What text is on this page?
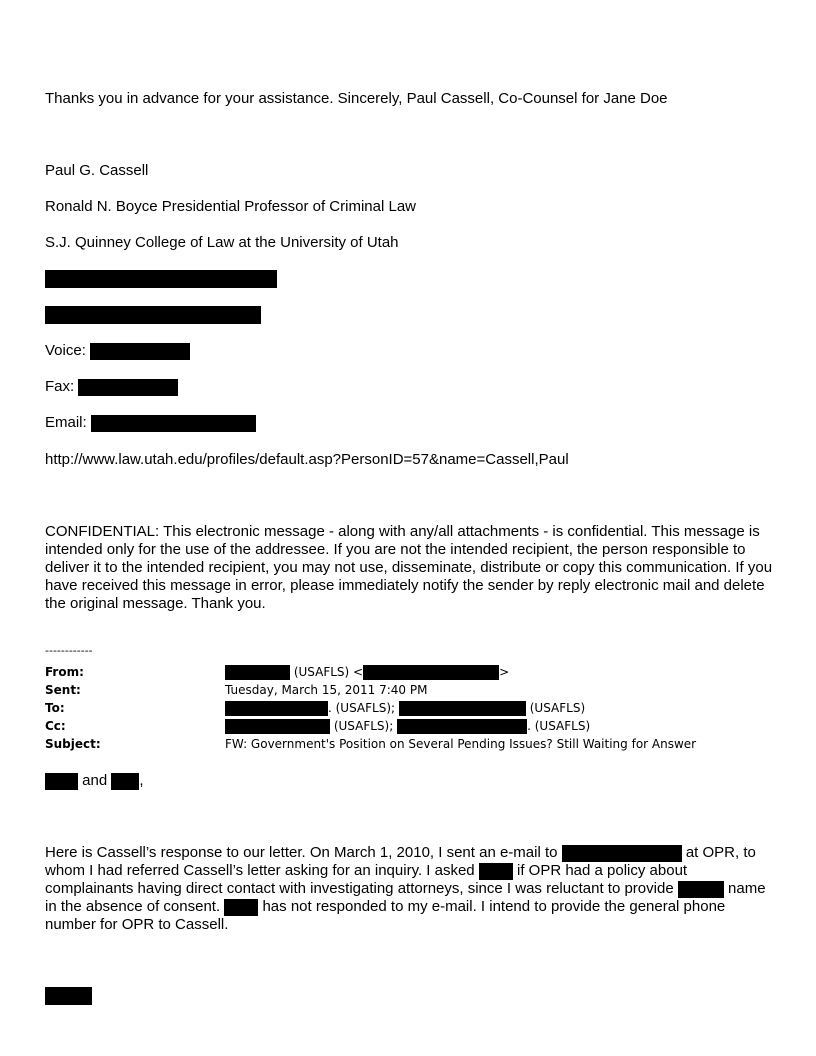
Thanks you in advance for your assistance. Sincerely, Paul Cassell, Co-Counsel for Jane Doe
Paul G. Cassell
Ronald N. Boyce Presidential Professor of Criminal Law
S.J. Quinney College of Law at the University of Utah
Voice:
Fax:
Email:
http://www.law.utah.edu/profiles/default.asp?PersonID=57&name=Cassell,Paul
CONFIDENTIAL: This electronic message - along with any/all attachments - is confidential. This message is intended only for the use of the addressee. If you are not the intended recipient, the person responsible to deliver it to the intended recipient, you may not use, disseminate, distribute or copy this communication. If you have received this message in error, please immediately notify the sender by reply electronic mail and delete the original message. Thank you.
------------
From:	(USAFLS) <	>
Sent:	Tuesday, March 15, 2011 7:40 PM
To:	. (USAFLS);	(USAFLS)
Cc:	(USAFLS);	. (USAFLS)
Subject:	FW: Government's Position on Several Pending Issues? Still Waiting for Answer
and ,
Here is Cassell’s response to our letter. On March 1, 2010, I sent an e-mail to	at OPR, to whom I had referred Cassell’s letter asking for an inquiry. I asked	if OPR had a policy about complainants having direct contact with investigating attorneys, since I was reluctant to provide	name in the absence of consent.	has not responded to my e-mail. I intend to provide the general phone number for OPR to Cassell.
